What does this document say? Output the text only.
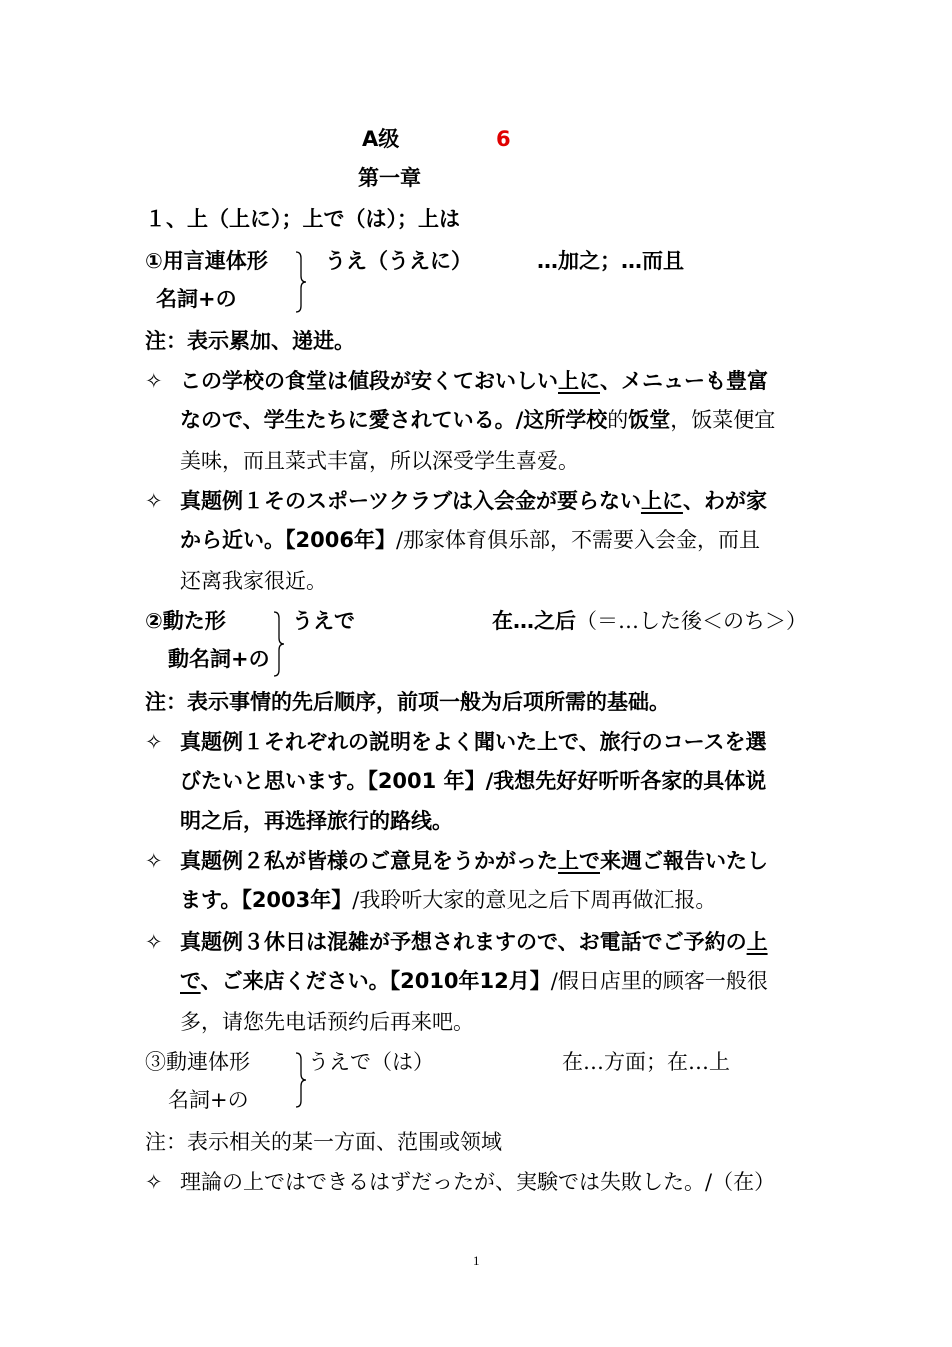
A级	6
第一章
１、上（上に）；上で（は）；上は
①用言連体形
名詞+の
うえ（うえに）	…加之；…而且
注：表示累加、递进。
✧ この学校の食堂は値段が安くておいしい上に、メニューも豊富
なので、学生たちに愛されている。/这所学校的饭堂，饭菜便宜
美味，而且菜式丰富，所以深受学生喜爱。
✧ 真题例１そのスポーツクラブは入会金が要らない上に、わが家
から近い。【2006年】/那家体育俱乐部，不需要入会金，而且
还离我家很近。
②動た形
動名詞+の
うえで	在…之后（＝…した後＜のち＞）
注：表示事情的先后顺序，前项一般为后项所需的基础。
✧ 真题例１それぞれの説明をよく聞いた上で、旅行のコースを選
びたいと思います。【2001 年】/我想先好好听听各家的具体说
明之后，再选择旅行的路线。
✧ 真题例２私が皆様のご意見をうかがった上で来週ご報告いたし
ます。【2003年】/我聆听大家的意见之后下周再做汇报。
✧ 真题例３休日は混雑が予想されますので、お電話でご予約の上
で、ご来店ください。【2010年12月】/假日店里的顾客一般很
多，请您先电话预约后再来吧。
③動連体形
名詞+の
うえで（は）	在…方面；在…上
注：表示相关的某一方面、范围或领域
✧ 理論の上ではできるはずだったが、実験では失敗した。/（在）
1
